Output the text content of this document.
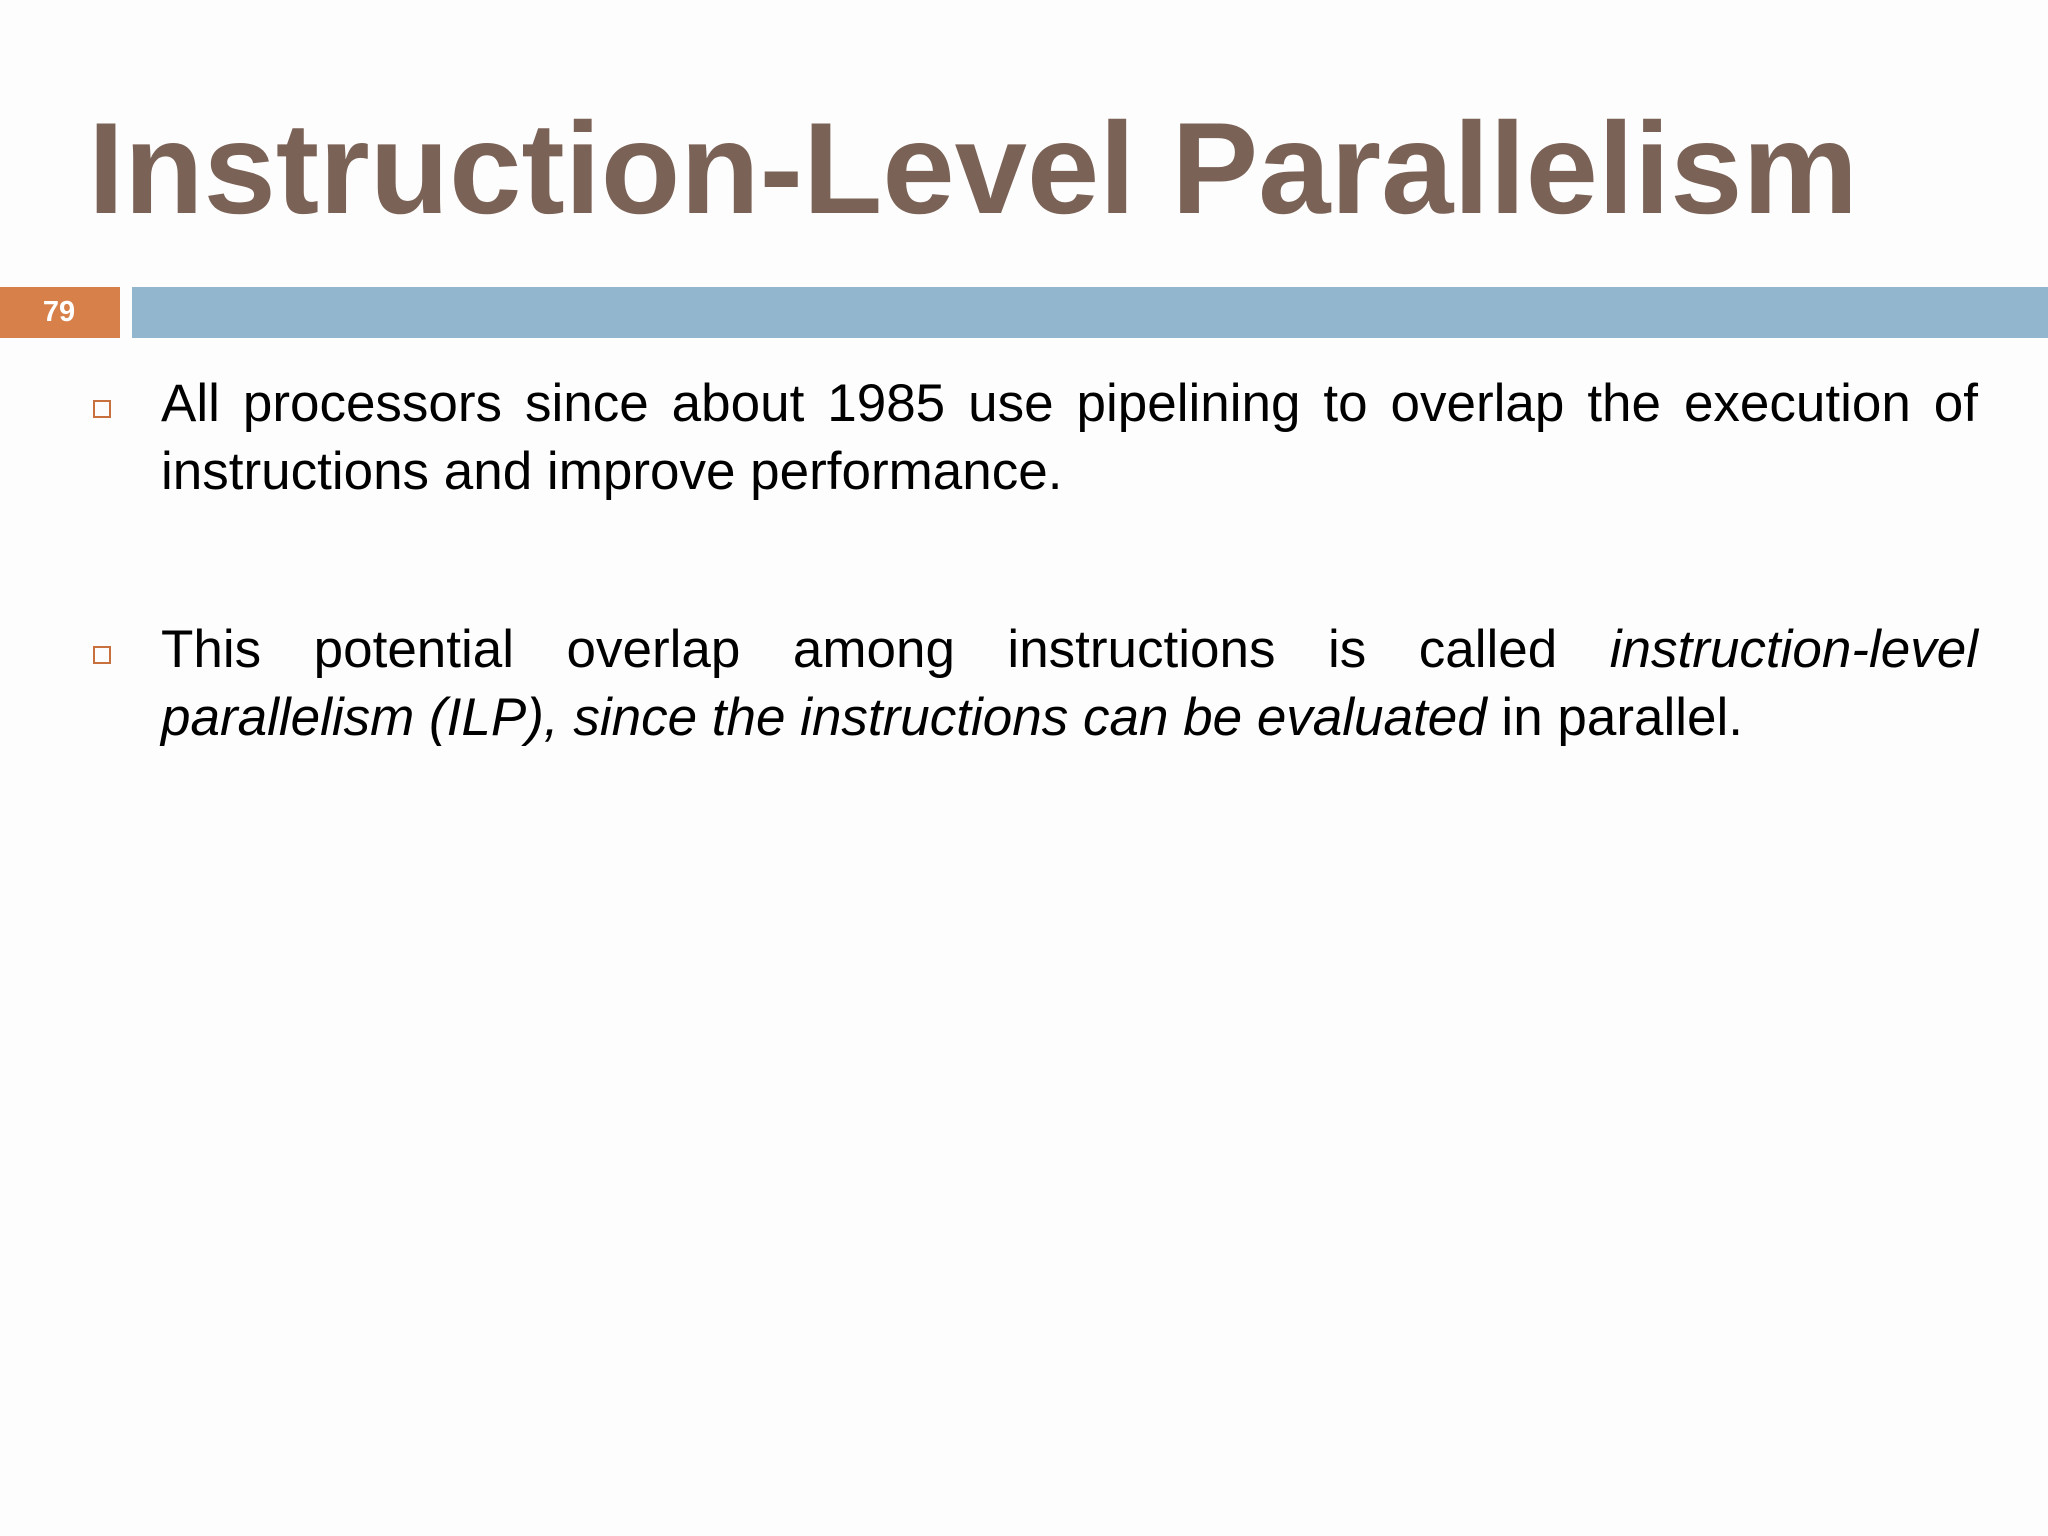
Instruction-Level Parallelism
79
All processors since about 1985 use pipelining to overlap the execution of instructions and improve performance.
This potential overlap among instructions is called instruction-level parallelism (ILP), since the instructions can be evaluated in parallel.
